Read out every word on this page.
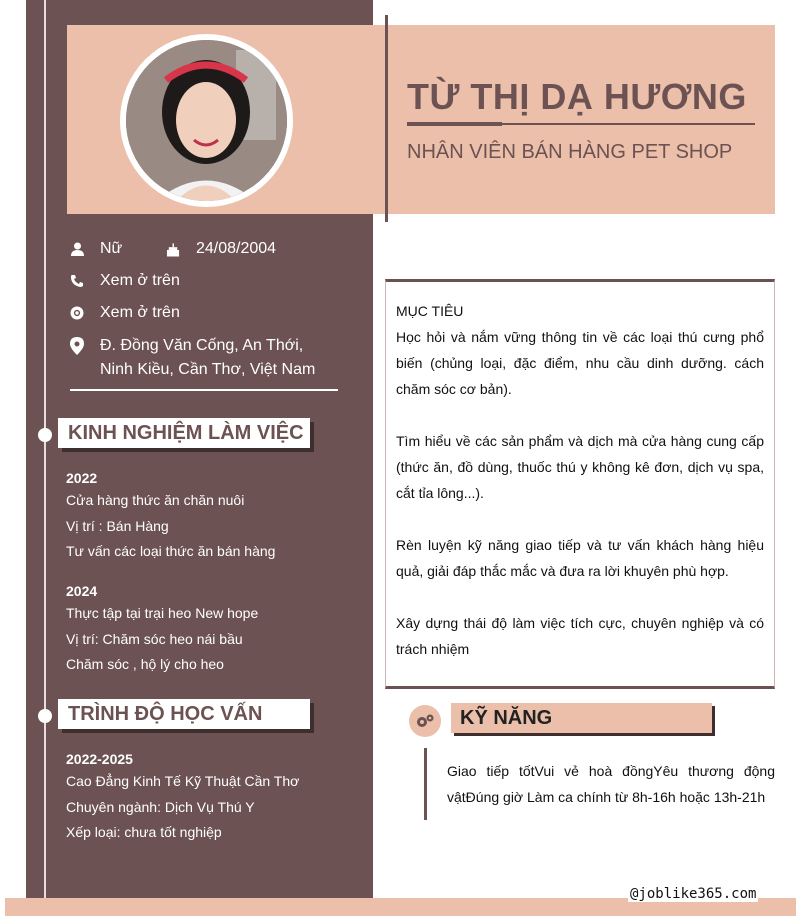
TỪ THỊ DẠ HƯƠNG
NHÂN VIÊN BÁN HÀNG PET SHOP
Nữ	24/08/2004
Xem ở trên
Xem ở trên
Đ. Đồng Văn Cống, An Thới, Ninh Kiều, Cần Thơ, Việt Nam
KINH NGHIỆM LÀM VIỆC
2022
Cửa hàng thức ăn chăn nuôi
Vị trí : Bán Hàng
Tư vấn các loại thức ăn bán hàng
2024
Thực tập tại trại heo New hope
Vị trí: Chăm sóc heo nái bầu
Chăm sóc , hộ lý cho heo
TRÌNH ĐỘ HỌC VẤN
2022-2025
Cao Đẳng Kinh Tế Kỹ Thuật Cần Thơ
Chuyên ngành: Dịch Vụ Thú Y
Xếp loại: chưa tốt nghiệp
MỤC TIÊU
Học hỏi và nắm vững thông tin về các loại thú cưng phổ biến (chủng loại, đặc điểm, nhu cầu dinh dưỡng. cách chăm sóc cơ bản).
Tìm hiểu về các sản phẩm và dịch mà cửa hàng cung cấp (thức ăn, đồ dùng, thuốc thú y không kê đơn, dịch vụ spa, cắt tỉa lông...).
Rèn luyện kỹ năng giao tiếp và tư vấn khách hàng hiệu quả, giải đáp thắc mắc và đưa ra lời khuyên phù hợp.
Xây dựng thái độ làm việc tích cực, chuyên nghiệp và có trách nhiệm
KỸ NĂNG
Giao tiếp tốtVui vẻ hoà đồngYêu thương động vậtĐúng giờ Làm ca chính từ 8h-16h hoặc 13h-21h
@joblike365.com
